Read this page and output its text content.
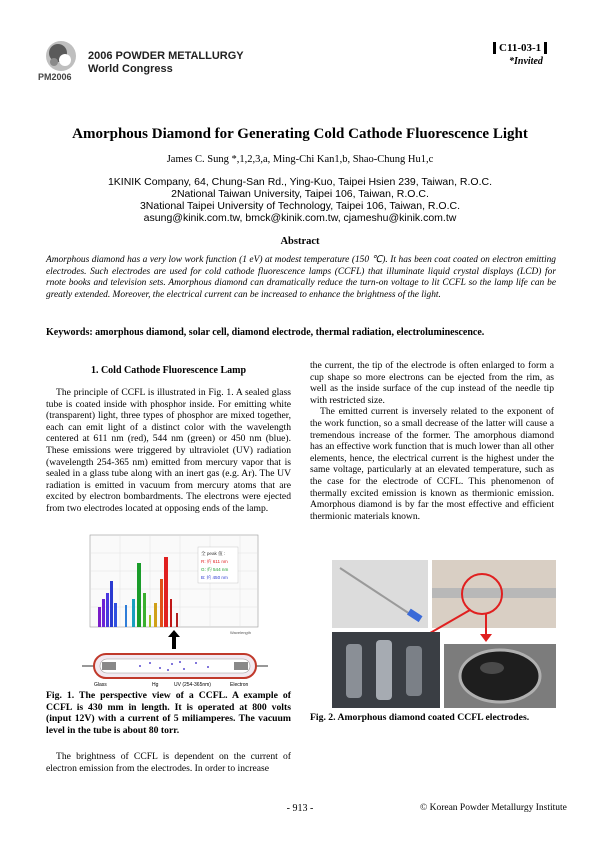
2006 POWDER METALLURGY
World Congress
PM2006
C11-03-1
*Invited
Amorphous Diamond for Generating Cold Cathode Fluorescence Light
James C. Sung *,1,2,3,a, Ming-Chi Kan1,b, Shao-Chung Hu1,c
1KINIK Company, 64, Chung-San Rd., Ying-Kuo, Taipei Hsien 239, Taiwan, R.O.C.
2National Taiwan University, Taipei 106, Taiwan, R.O.C.
3National Taipei University of Technology, Taipei 106, Taiwan, R.O.C.
asung@kinik.com.tw, bmck@kinik.com.tw, cjameshu@kinik.com.tw
Abstract
Amorphous diamond has a very low work function (1 eV) at modest temperature (150 ℃). It has been coat coated on electron emitting electrodes. Such electrodes are used for cold cathode fluorescence lamps (CCFL) that illuminate liquid crystal displays (LCD) for rnote books and television sets. Amorphous diamond can dramatically reduce the turn-on voltage to lit CCFL so the lamp life can be greatly extended. Moreover, the electrical current can be increased to enhance the brightness of the light.
Keywords: amorphous diamond, solar cell, diamond electrode, thermal radiation, electroluminescence.
1. Cold Cathode Fluorescence Lamp

The principle of CCFL is illustrated in Fig. 1. A sealed glass tube is coated inside with phosphor inside. For emitting white (transparent) light, three types of phosphor are mixed together, each can emit light of a distinct color with the wavelength centered at 611 nm (red), 544 nm (green) or 450 nm (blue). These emissions were triggered by ultraviolet (UV) radiation (wavelength 254-365 nm) emitted from mercury vapor that is sealed in a glass tube along with an inert gas (e.g. Ar). The UV radiation is emitted in vacuum from mercury atoms that are excited by electron bombardments. The electrons were ejected from two electrodes located at opposing ends of the lamp.

全 peak 值 :
R: 約 611 nm
G: 約 544 nm
B: 約 450 nm
Wavelength
Glass	Hg	UV (254-365nm)	Electron
Fig. 1. The perspective view of a CCFL. A example of CCFL is 430 mm in length. It is operated at 800 volts (input 12V) with a current of 5 miliamperes. The vacuum level in the tube is about 80 torr.

The brightness of CCFL is dependent on the current of electron emission from the electrodes. In order to increase

the current, the tip of the electrode is often enlarged to form a cup shape so more electrons can be ejected from the rim, as well as the inside surface of the cup instead of the needle tip with restricted size.

The emitted current is inversely related to the exponent of the work function, so a small decrease of the latter will cause a tremendous increase of the former. The amorphous diamond has an effective work function that is much lower than all other elements, hence, the electrical current is the highest under the same voltage, particularly at an elevated temperature, such as the case for the electrode of CCFL. This phenomenon of thermally excited emission is known as thermionic emission. Amorphous diamond is by far the most effective and efficient thermionic materials known.

Fig. 2. Amorphous diamond coated CCFL electrodes.
- 913 -	© Korean Powder Metallurgy Institute
